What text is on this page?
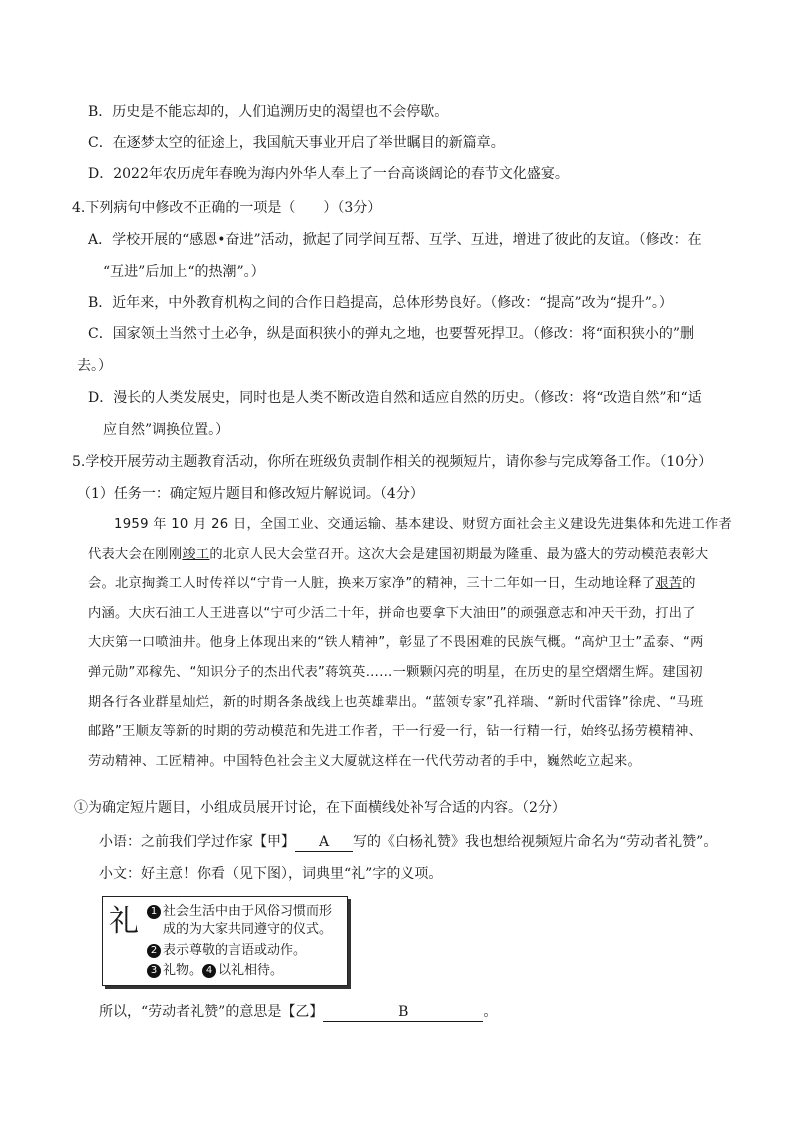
B．历史是不能忘却的，人们追溯历史的渴望也不会停歇。
C．在逐梦太空的征途上，我国航天事业开启了举世瞩目的新篇章。
D．2022年农历虎年春晚为海内外华人奉上了一台高谈阔论的春节文化盛宴。
4.下列病句中修改不正确的一项是（　　）（3分）
A．学校开展的“感恩•奋进”活动，掀起了同学间互帮、互学、互进，增进了彼此的友谊。（修改：在
“互进”后加上“的热潮”。）
B．近年来，中外教育机构之间的合作日趋提高，总体形势良好。（修改：“提高”改为“提升”。）
C．国家领土当然寸土必争，纵是面积狭小的弹丸之地，也要誓死捍卫。（修改：将“面积狭小的”删
去。）
D．漫长的人类发展史，同时也是人类不断改造自然和适应自然的历史。（修改：将“改造自然”和“适
应自然”调换位置。）
5.学校开展劳动主题教育活动，你所在班级负责制作相关的视频短片，请你参与完成筹备工作。（10分）
（1）任务一：确定短片题目和修改短片解说词。（4分）
1959 年 10 月 26 日，全国工业、交通运输、基本建设、财贸方面社会主义建设先进集体和先进工作者
代表大会在刚刚竣工的北京人民大会堂召开。这次大会是建国初期最为隆重、最为盛大的劳动模范表彰大
会。北京掏粪工人时传祥以“宁肯一人脏，换来万家净”的精神，三十二年如一日，生动地诠释了艰苦的
内涵。大庆石油工人王进喜以“宁可少活二十年，拼命也要拿下大油田”的顽强意志和冲天干劲，打出了
大庆第一口喷油井。他身上体现出来的“铁人精神”，彰显了不畏困难的民族气概。“高炉卫士”孟泰、“两
弹元勋”邓稼先、“知识分子的杰出代表”蒋筑英……一颗颗闪亮的明星，在历史的星空熠熠生辉。建国初
期各行各业群星灿烂，新的时期各条战线上也英雄辈出。“蓝领专家”孔祥瑞、“新时代雷锋”徐虎、“马班
邮路”王顺友等新的时期的劳动模范和先进工作者，干一行爱一行，钻一行精一行，始终弘扬劳模精神、
劳动精神、工匠精神。中国特色社会主义大厦就这样在一代代劳动者的手中，巍然屹立起来。
①为确定短片题目，小组成员展开讨论，在下面横线处补写合适的内容。（2分）
小语：之前我们学过作家【甲】 A 写的《白杨礼赞》我也想给视频短片命名为“劳动者礼赞”。
小文：好主意！你看（见下图），词典里“礼”字的义项。
礼	1 社会生活中由于风俗习惯而形
成的为大家共同遵守的仪式。
2 表示尊敬的言语或动作。
3 礼物。 4 以礼相待。
所以，“劳动者礼赞”的意思是【乙】	B	。
